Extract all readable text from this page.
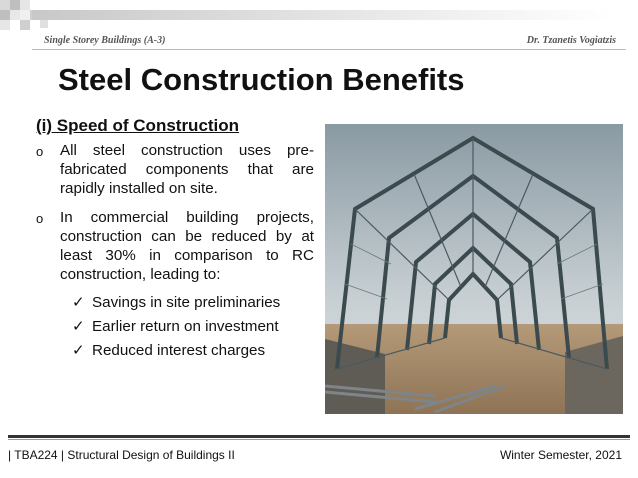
Single Storey Buildings (A-3)	Dr. Tzanetis Vogiatzis
Steel Construction Benefits
(i) Speed of Construction
o All steel construction uses pre-fabricated components that are rapidly installed on site.
o In commercial building projects, construction can be reduced by at least 30% in comparison to RC construction, leading to:
✓ Savings in site preliminaries
✓ Earlier return on investment
✓ Reduced interest charges
| TBA224 | Structural Design of Buildings II	Winter Semester, 2021
